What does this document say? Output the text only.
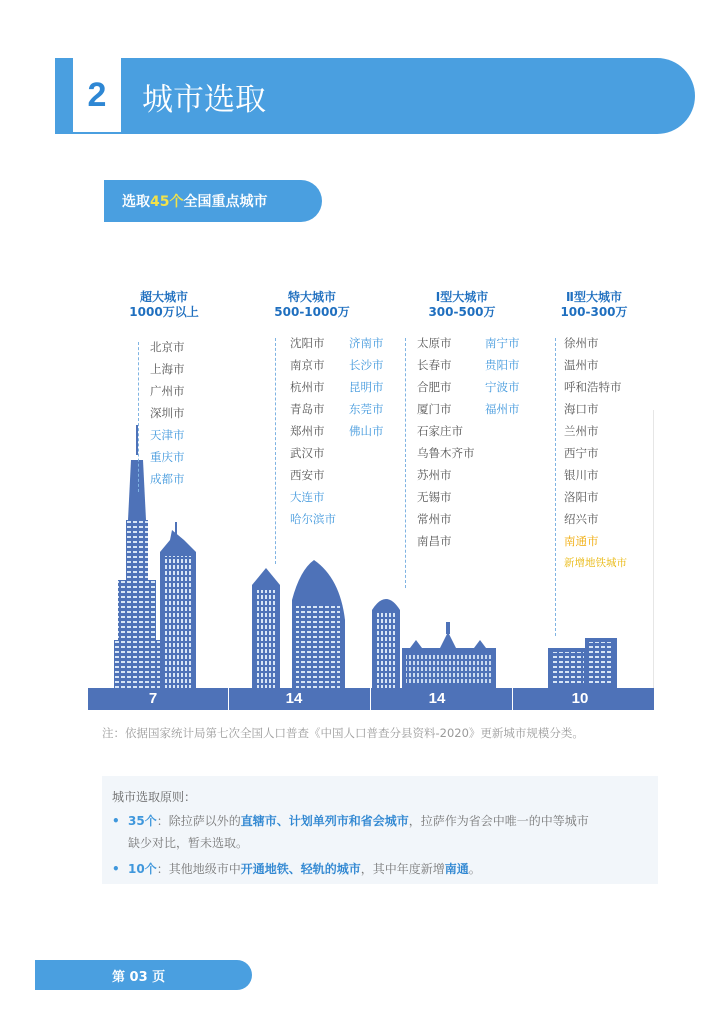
2	城市选取
选取 45个 全国重点城市
超大城市
1000万以上
特大城市
500-1000万
Ⅰ型大城市
300-500万
Ⅱ型大城市
100-300万
北京市
上海市
广州市
深圳市
天津市
重庆市
成都市
沈阳市
南京市
杭州市
青岛市
郑州市
武汉市
西安市
大连市
哈尔滨市
济南市
长沙市
昆明市
东莞市
佛山市
太原市
长春市
合肥市
厦门市
石家庄市
乌鲁木齐市
苏州市
无锡市
常州市
南昌市
南宁市
贵阳市
宁波市
福州市
徐州市
温州市
呼和浩特市
海口市
兰州市
西宁市
银川市
洛阳市
绍兴市
南通市
新增地铁城市
7	14	14	10
注：依据国家统计局第七次全国人口普查《中国人口普查分县资料-2020》更新城市规模分类。
城市选取原则：
• 35个：除拉萨以外的直辖市、计划单列市和省会城市，拉萨作为省会中唯一的中等城市
缺少对比，暂未选取。
• 10个：其他地级市中开通地铁、轻轨的城市，其中年度新增南通。
第 03 页
